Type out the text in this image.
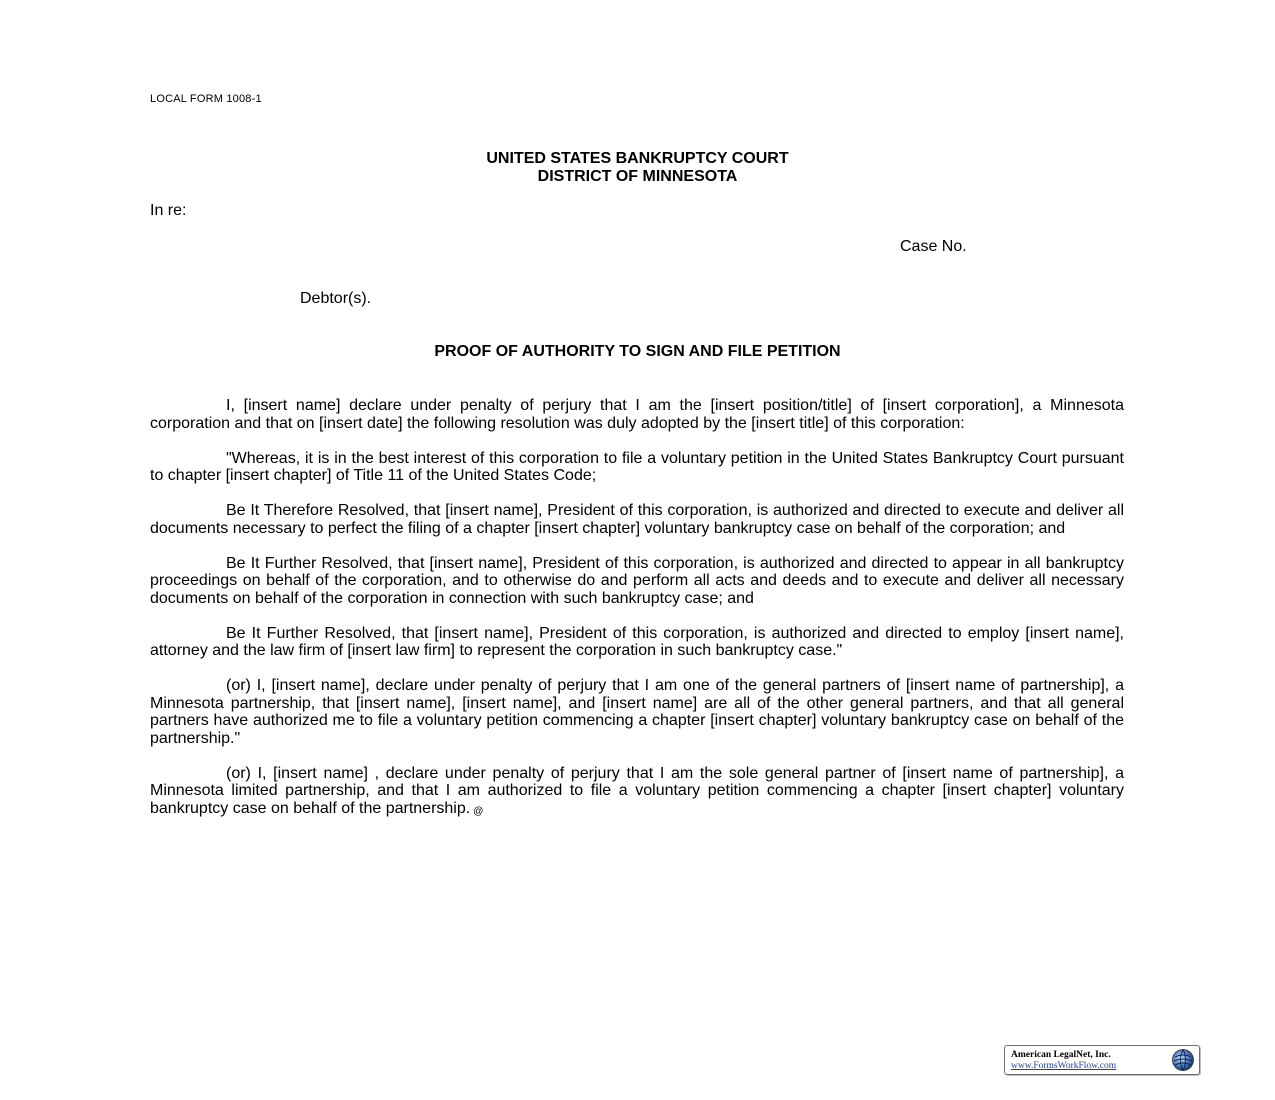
LOCAL FORM 1008-1
UNITED STATES BANKRUPTCY COURT
DISTRICT OF MINNESOTA
In re:
Case No.
Debtor(s).
PROOF OF AUTHORITY TO SIGN AND FILE PETITION

I, [insert name] declare under penalty of perjury that I am the [insert position/title] of [insert corporation], a Minnesota corporation and that on [insert date] the following resolution was duly adopted by the [insert title] of this corporation:

"Whereas, it is in the best interest of this corporation to file a voluntary petition in the United States Bankruptcy Court pursuant to chapter [insert chapter] of Title 11 of the United States Code;

Be It Therefore Resolved, that [insert name], President of this corporation, is authorized and directed to execute and deliver all documents necessary to perfect the filing of a chapter [insert chapter] voluntary bankruptcy case on behalf of the corporation; and

Be It Further Resolved, that [insert name], President of this corporation, is authorized and directed to appear in all bankruptcy proceedings on behalf of the corporation, and to otherwise do and perform all acts and deeds and to execute and deliver all necessary documents on behalf of the corporation in connection with such bankruptcy case; and

Be It Further Resolved, that [insert name], President of this corporation, is authorized and directed to employ [insert name], attorney and the law firm of [insert law firm] to represent the corporation in such bankruptcy case."

(or) I, [insert name], declare under penalty of perjury that I am one of the general partners of [insert name of partnership], a Minnesota partnership, that [insert name], [insert name], and [insert name] are all of the other general partners, and that all general partners have authorized me to file a voluntary petition commencing a chapter [insert chapter] voluntary bankruptcy case on behalf of the partnership."

(or) I, [insert name] , declare under penalty of perjury that I am the sole general partner of [insert name of partnership], a Minnesota limited partnership, and that I am authorized to file a voluntary petition commencing a chapter [insert chapter] voluntary bankruptcy case on behalf of the partnership. @

American LegalNet, Inc.
www.FormsWorkFlow.com
